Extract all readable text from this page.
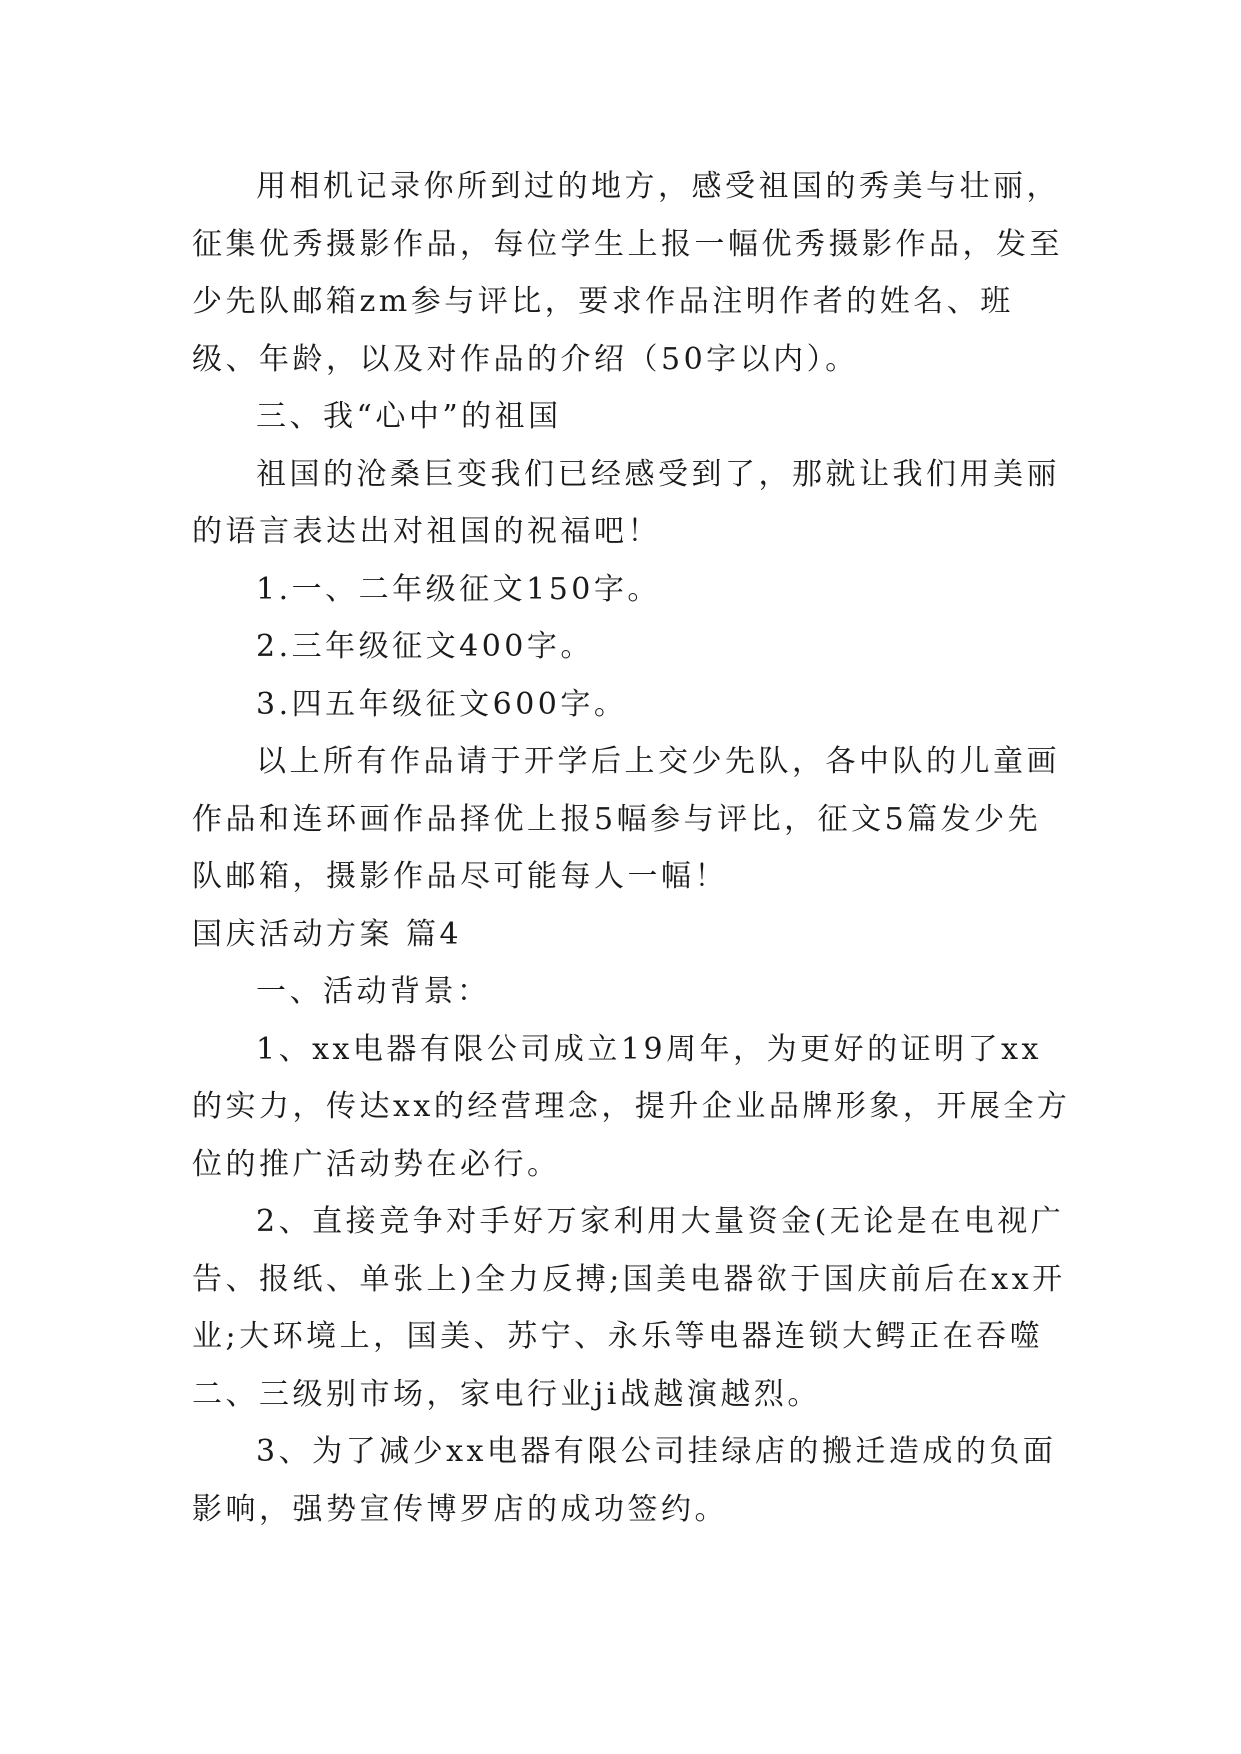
用相机记录你所到过的地方，感受祖国的秀美与壮丽，征集优秀摄影作品，每位学生上报一幅优秀摄影作品，发至少先队邮箱zm参与评比，要求作品注明作者的姓名、班级、年龄，以及对作品的介绍（50字以内）。

三、我“心中”的祖国

祖国的沧桑巨变我们已经感受到了，那就让我们用美丽的语言表达出对祖国的祝福吧！

1.一、二年级征文150字。

2.三年级征文400字。

3.四五年级征文600字。

以上所有作品请于开学后上交少先队，各中队的儿童画作品和连环画作品择优上报5幅参与评比，征文5篇发少先队邮箱，摄影作品尽可能每人一幅！

国庆活动方案 篇4

一、活动背景：

1、xx电器有限公司成立19周年，为更好的证明了xx的实力，传达xx的经营理念，提升企业品牌形象，开展全方位的推广活动势在必行。

2、直接竞争对手好万家利用大量资金(无论是在电视广告、报纸、单张上)全力反搏;国美电器欲于国庆前后在xx开业;大环境上，国美、苏宁、永乐等电器连锁大鳄正在吞噬二、三级别市场，家电行业ji战越演越烈。

3、为了减少xx电器有限公司挂绿店的搬迁造成的负面影响，强势宣传博罗店的成功签约。
